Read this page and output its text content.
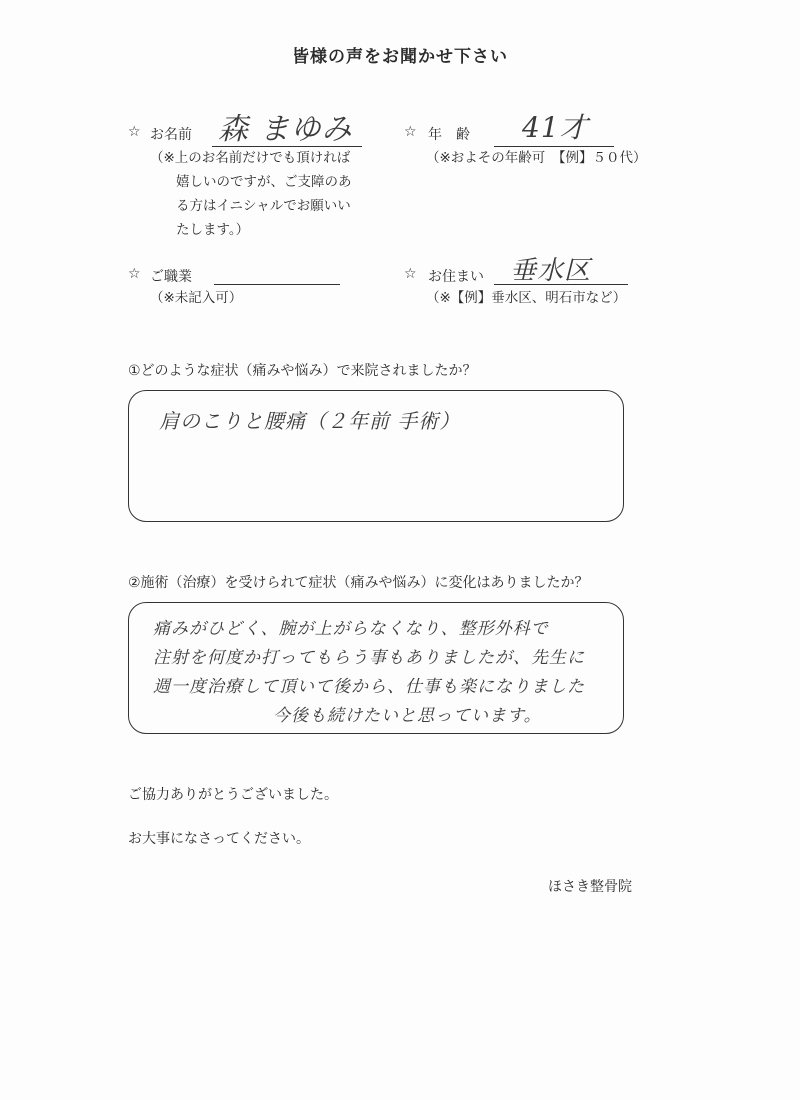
皆様の声をお聞かせ下さい
☆ お名前 森 まゆみ
（※上のお名前だけでも頂ければ
嬉しいのですが、ご支障のあ
る方はイニシャルでお願いい
たします。）
☆ 年　齢 41才
（※およその年齢可　【例】５０代）
☆ ご職業
（※未記入可）
☆ お住まい 垂水区
（※【例】垂水区、明石市など）
①どのような症状（痛みや悩み）で来院されましたか？
肩のこりと腰痛（２年前 手術）
②施術（治療）を受けられて症状（痛みや悩み）に変化はありましたか？
痛みがひどく、腕が上がらなくなり、整形外科で
注射を何度か打ってもらう事もありましたが、先生に
週一度治療して頂いて後から、仕事も楽になりました
今後も続けたいと思っています。
ご協力ありがとうございました。
お大事になさってください。
ほさき整骨院
